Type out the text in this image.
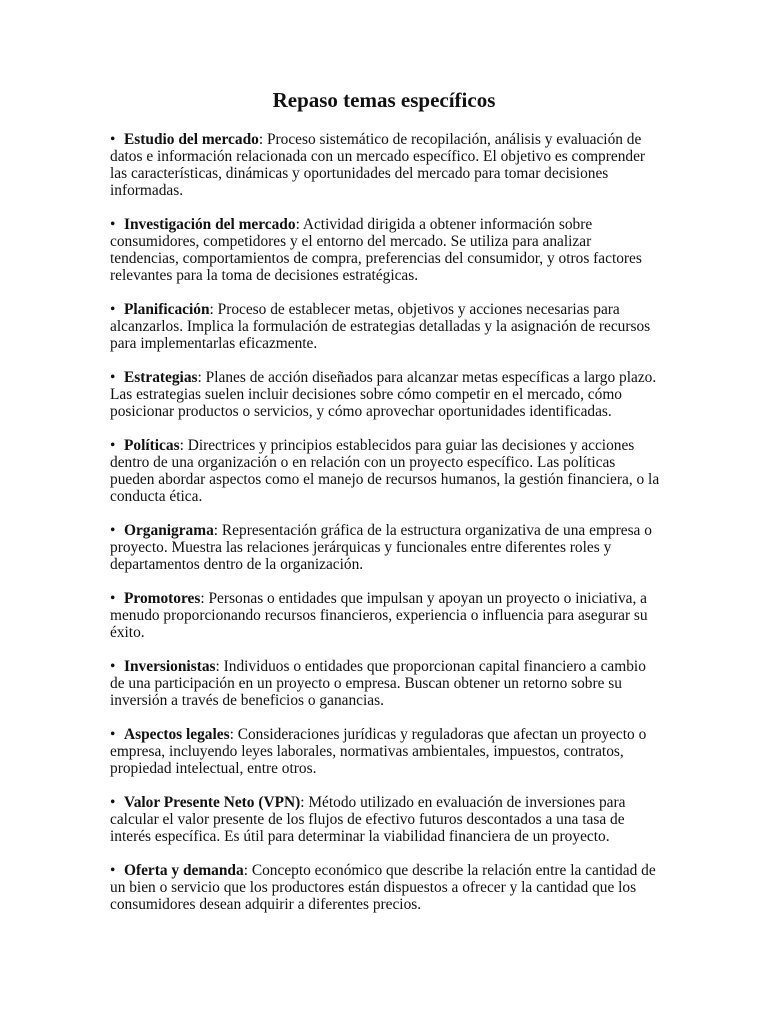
Repaso temas específicos
• Estudio del mercado: Proceso sistemático de recopilación, análisis y evaluación de datos e información relacionada con un mercado específico. El objetivo es comprender las características, dinámicas y oportunidades del mercado para tomar decisiones informadas.
• Investigación del mercado: Actividad dirigida a obtener información sobre consumidores, competidores y el entorno del mercado. Se utiliza para analizar tendencias, comportamientos de compra, preferencias del consumidor, y otros factores relevantes para la toma de decisiones estratégicas.
• Planificación: Proceso de establecer metas, objetivos y acciones necesarias para alcanzarlos. Implica la formulación de estrategias detalladas y la asignación de recursos para implementarlas eficazmente.
• Estrategias: Planes de acción diseñados para alcanzar metas específicas a largo plazo. Las estrategias suelen incluir decisiones sobre cómo competir en el mercado, cómo posicionar productos o servicios, y cómo aprovechar oportunidades identificadas.
• Políticas: Directrices y principios establecidos para guiar las decisiones y acciones dentro de una organización o en relación con un proyecto específico. Las políticas pueden abordar aspectos como el manejo de recursos humanos, la gestión financiera, o la conducta ética.
• Organigrama: Representación gráfica de la estructura organizativa de una empresa o proyecto. Muestra las relaciones jerárquicas y funcionales entre diferentes roles y departamentos dentro de la organización.
• Promotores: Personas o entidades que impulsan y apoyan un proyecto o iniciativa, a menudo proporcionando recursos financieros, experiencia o influencia para asegurar su éxito.
• Inversionistas: Individuos o entidades que proporcionan capital financiero a cambio de una participación en un proyecto o empresa. Buscan obtener un retorno sobre su inversión a través de beneficios o ganancias.
• Aspectos legales: Consideraciones jurídicas y reguladoras que afectan un proyecto o empresa, incluyendo leyes laborales, normativas ambientales, impuestos, contratos, propiedad intelectual, entre otros.
• Valor Presente Neto (VPN): Método utilizado en evaluación de inversiones para calcular el valor presente de los flujos de efectivo futuros descontados a una tasa de interés específica. Es útil para determinar la viabilidad financiera de un proyecto.
• Oferta y demanda: Concepto económico que describe la relación entre la cantidad de un bien o servicio que los productores están dispuestos a ofrecer y la cantidad que los consumidores desean adquirir a diferentes precios.
